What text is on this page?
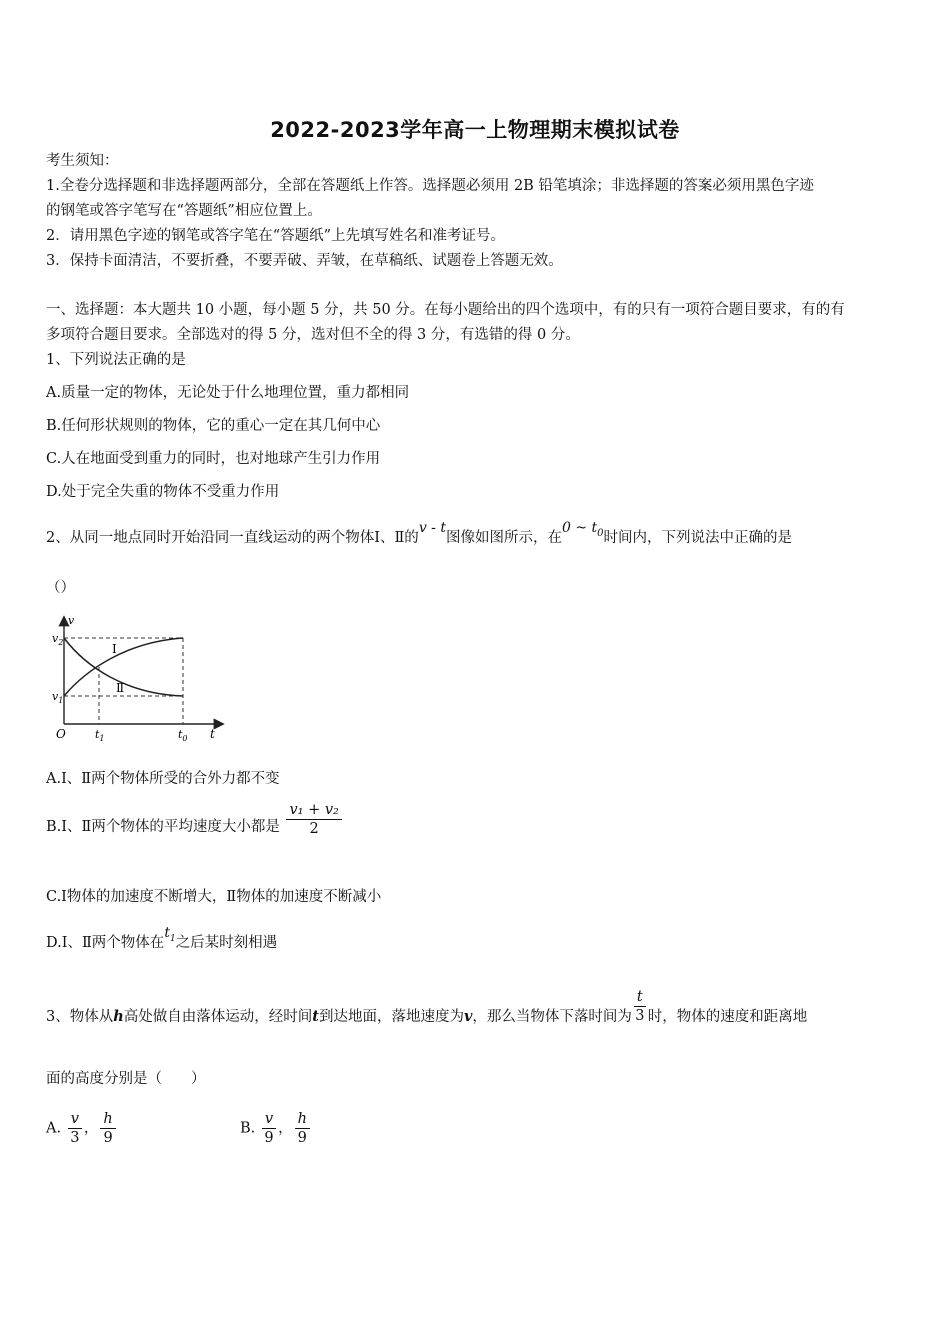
2022-2023学年高一上物理期末模拟试卷
考生须知：
1.全卷分选择题和非选择题两部分，全部在答题纸上作答。选择题必须用 2B 铅笔填涂；非选择题的答案必须用黑色字迹
的钢笔或答字笔写在“答题纸”相应位置上。
2．请用黑色字迹的钢笔或答字笔在“答题纸”上先填写姓名和准考证号。
3．保持卡面清洁，不要折叠，不要弄破、弄皱，在草稿纸、试题卷上答题无效。
一、选择题：本大题共 10 小题，每小题 5 分，共 50 分。在每小题给出的四个选项中，有的只有一项符合题目要求，有的有
多项符合题目要求。全部选对的得 5 分，选对但不全的得 3 分，有选错的得 0 分。
1、下列说法正确的是
A.质量一定的物体，无论处于什么地理位置，重力都相同
B.任何形状规则的物体，它的重心一定在其几何中心
C.人在地面受到重力的同时，也对地球产生引力作用
D.处于完全失重的物体不受重力作用
2、从同一地点同时开始沿同一直线运动的两个物体Ⅰ、Ⅱ的v - t图像如图所示，在0 ~ $t_0$时间内，下列说法中正确的是
（）
v
t
O
$v_2$
$v_1$
$t_1$	$t_0$
Ⅰ
Ⅱ
A.Ⅰ、Ⅱ两个物体所受的合外力都不变
B.Ⅰ、Ⅱ两个物体的平均速度大小都是 $\frac{\text{v₁ + v₂}}{2}$
C.Ⅰ物体的加速度不断增大，Ⅱ物体的加速度不断减小
D.Ⅰ、Ⅱ两个物体在$t_1$之后某时刻相遇
3、物体从h高处做自由落体运动，经时间t到达地面，落地速度为v，那么当物体下落时间为 $\frac{t}{3}$ 时，物体的速度和距离地
面的高度分别是（　　）
A. $\frac{v}{3}$ ， $\frac{h}{9}$	B. $\frac{v}{9}$ ， $\frac{h}{9}$
